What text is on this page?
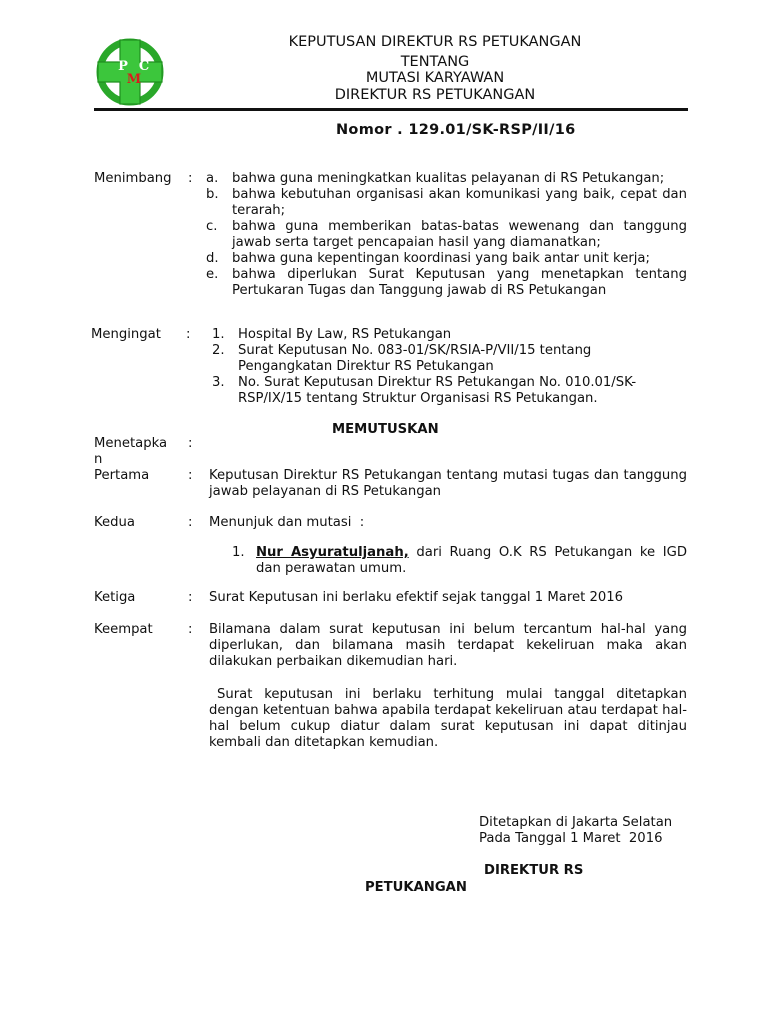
P C
M
KEPUTUSAN DIREKTUR RS PETUKANGAN
TENTANG
MUTASI KARYAWAN
DIREKTUR RS PETUKANGAN
Nomor . 129.01/SK-RSP/II/16
Menimbang : a.	bahwa guna meningkatkan kualitas pelayanan di RS Petukangan;
b.	bahwa kebutuhan organisasi akan komunikasi yang baik, cepat dan terarah;
c.	bahwa guna memberikan batas-batas wewenang dan tanggung jawab serta target pencapaian hasil yang diamanatkan;
d.	bahwa guna kepentingan koordinasi yang baik antar unit kerja;
e.	bahwa diperlukan Surat Keputusan yang menetapkan tentang Pertukaran Tugas dan Tanggung jawab di RS Petukangan
Mengingat : 1.	Hospital By Law, RS Petukangan
2.	Surat Keputusan No. 083-01/SK/RSIA-P/VII/15 tentang Pengangkatan Direktur RS Petukangan
3.	No. Surat Keputusan Direktur RS Petukangan No. 010.01/SK-RSP/IX/15 tentang Struktur Organisasi RS Petukangan.
MEMUTUSKAN
Menetapkan
:
Pertama	: Keputusan Direktur RS Petukangan tentang mutasi tugas dan tanggung jawab pelayanan di RS Petukangan
Kedua	: Menunjuk dan mutasi  :
1. Nur Asyuratuljanah, dari Ruang O.K RS Petukangan ke IGD dan perawatan umum.
Ketiga	: Surat Keputusan ini berlaku efektif sejak tanggal 1 Maret 2016
Keempat	: Bilamana dalam surat keputusan ini belum tercantum hal-hal yang diperlukan, dan bilamana masih terdapat kekeliruan maka akan dilakukan perbaikan dikemudian hari.
Surat keputusan ini berlaku terhitung mulai tanggal ditetapkan dengan ketentuan bahwa apabila terdapat kekeliruan atau terdapat hal-hal belum cukup diatur dalam surat keputusan ini dapat ditinjau kembali dan ditetapkan kemudian.
Ditetapkan di Jakarta Selatan
Pada Tanggal 1 Maret  2016
DIREKTUR RS
PETUKANGAN
